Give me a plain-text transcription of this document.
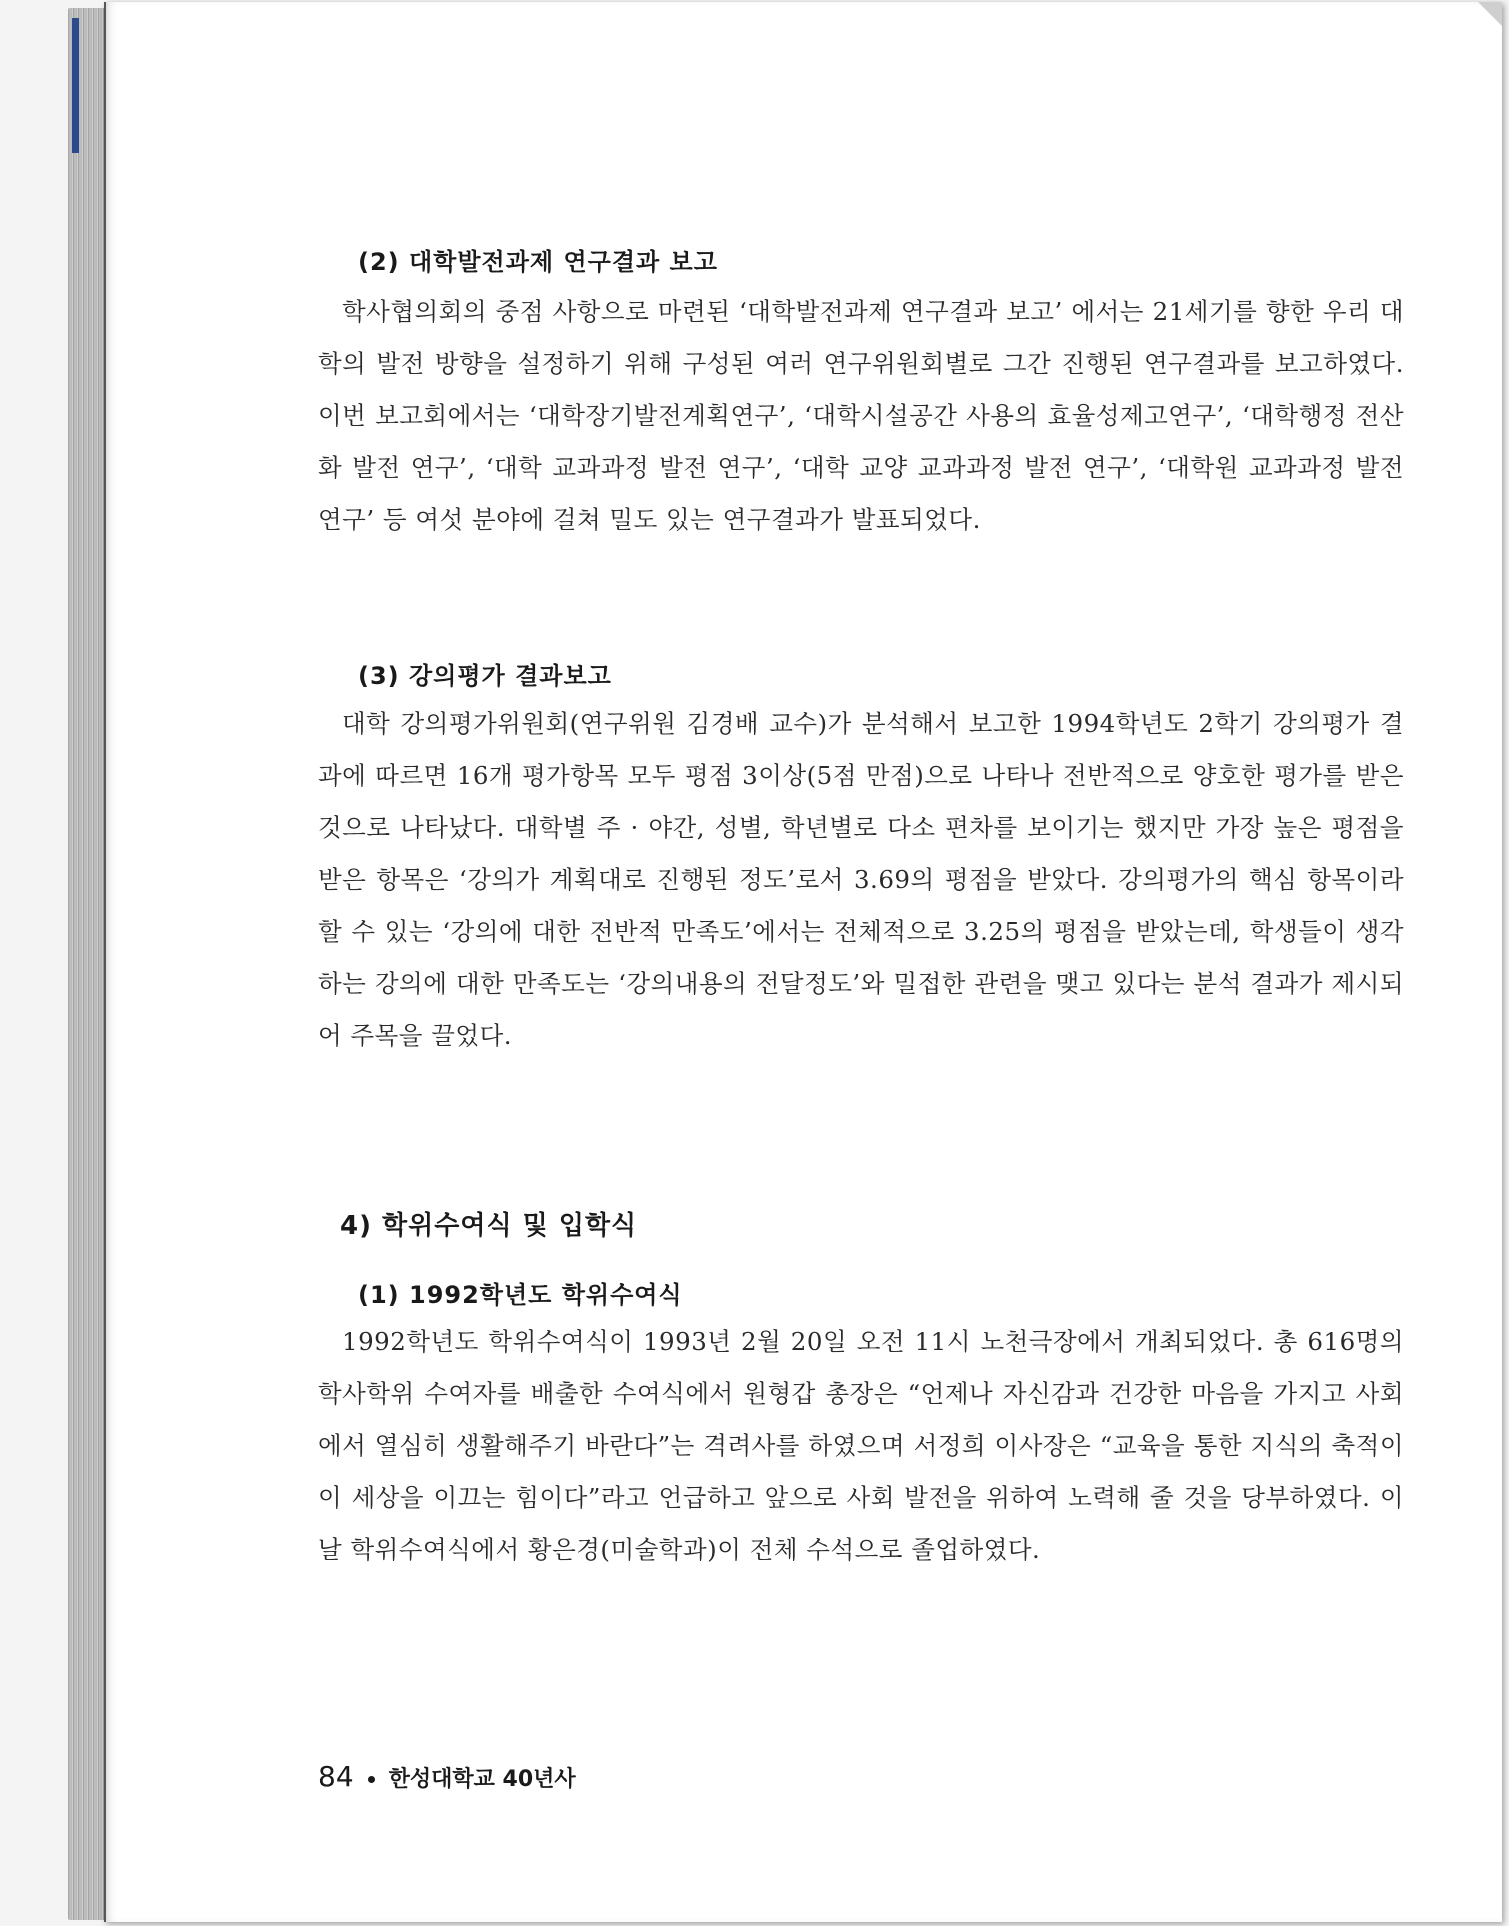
(2) 대학발전과제 연구결과 보고
학사협의회의 중점 사항으로 마련된 ‘대학발전과제 연구결과 보고’ 에서는 21세기를 향한 우리 대학의 발전 방향을 설정하기 위해 구성된 여러 연구위원회별로 그간 진행된 연구결과를 보고하였다. 이번 보고회에서는 ‘대학장기발전계획연구’, ‘대학시설공간 사용의 효율성제고연구’, ‘대학행정 전산화 발전 연구’, ‘대학 교과과정 발전 연구’, ‘대학 교양 교과과정 발전 연구’, ‘대학원 교과과정 발전 연구’ 등 여섯 분야에 걸쳐 밀도 있는 연구결과가 발표되었다.
(3) 강의평가 결과보고
대학 강의평가위원회(연구위원 김경배 교수)가 분석해서 보고한 1994학년도 2학기 강의평가 결과에 따르면 16개 평가항목 모두 평점 3이상(5점 만점)으로 나타나 전반적으로 양호한 평가를 받은 것으로 나타났다. 대학별 주 · 야간, 성별, 학년별로 다소 편차를 보이기는 했지만 가장 높은 평점을 받은 항목은 ‘강의가 계획대로 진행된 정도’로서 3.69의 평점을 받았다. 강의평가의 핵심 항목이라 할 수 있는 ‘강의에 대한 전반적 만족도’에서는 전체적으로 3.25의 평점을 받았는데, 학생들이 생각하는 강의에 대한 만족도는 ‘강의내용의 전달정도’와 밀접한 관련을 맺고 있다는 분석 결과가 제시되어 주목을 끌었다.
4) 학위수여식 및 입학식
(1) 1992학년도 학위수여식
1992학년도 학위수여식이 1993년 2월 20일 오전 11시 노천극장에서 개최되었다. 총 616명의 학사학위 수여자를 배출한 수여식에서 원형갑 총장은 “언제나 자신감과 건강한 마음을 가지고 사회에서 열심히 생활해주기 바란다”는 격려사를 하였으며 서정희 이사장은 “교육을 통한 지식의 축적이 이 세상을 이끄는 힘이다”라고 언급하고 앞으로 사회 발전을 위하여 노력해 줄 것을 당부하였다. 이 날 학위수여식에서 황은경(미술학과)이 전체 수석으로 졸업하였다.
84 한성대학교 40년사
